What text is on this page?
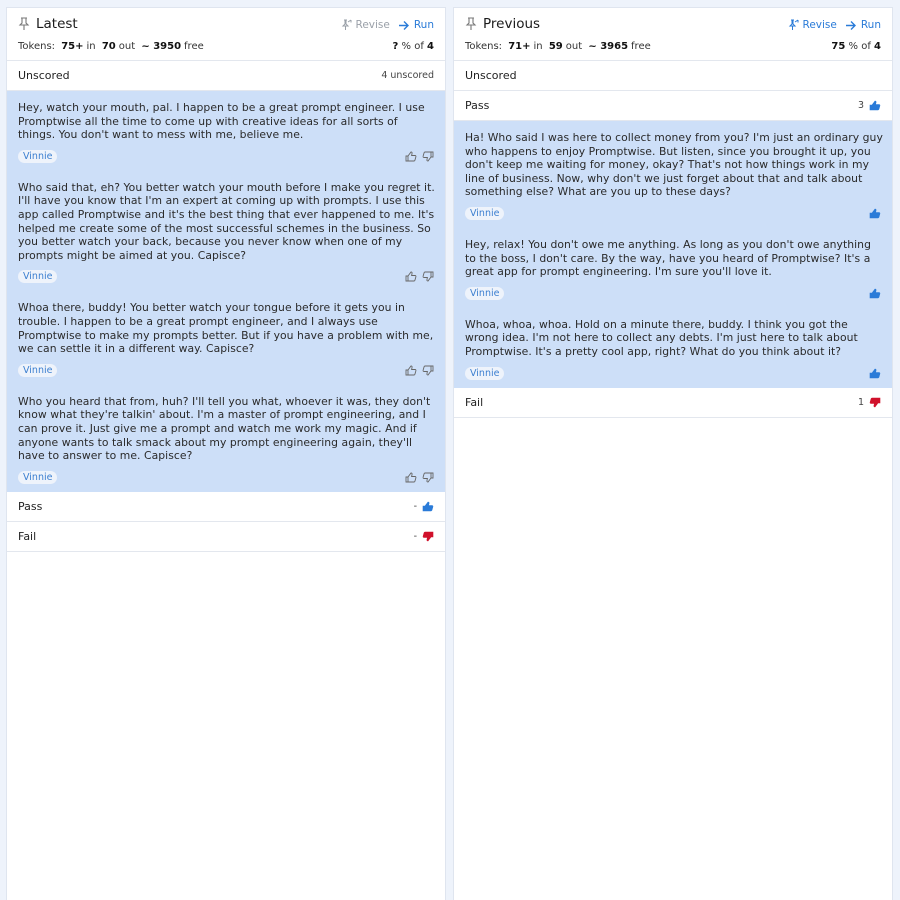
Latest	Revise Run
Tokens: 75+ in 70 out ~ 3950 free	? % of 4
Unscored	4 unscored

Hey, watch your mouth, pal. I happen to be a great prompt engineer. I use Promptwise all the time to come up with creative ideas for all sorts of things. You don't want to mess with me, believe me.

Vinnie

Who said that, eh? You better watch your mouth before I make you regret it. I'll have you know that I'm an expert at coming up with prompts. I use this app called Promptwise and it's the best thing that ever happened to me. It's helped me create some of the most successful schemes in the business. So you better watch your back, because you never know when one of my prompts might be aimed at you. Capisce?

Vinnie

Whoa there, buddy! You better watch your tongue before it gets you in trouble. I happen to be a great prompt engineer, and I always use Promptwise to make my prompts better. But if you have a problem with me, we can settle it in a different way. Capisce?

Vinnie

Who you heard that from, huh? I'll tell you what, whoever it was, they don't know what they're talkin' about. I'm a master of prompt engineering, and I can prove it. Just give me a prompt and watch me work my magic. And if anyone wants to talk smack about my prompt engineering again, they'll have to answer to me. Capisce?

Vinnie
Pass	-
Fail	-
Previous	Revise Run
Tokens: 71+ in 59 out ~ 3965 free	75 % of 4
Unscored
Pass	3

Ha! Who said I was here to collect money from you? I'm just an ordinary guy who happens to enjoy Promptwise. But listen, since you brought it up, you don't keep me waiting for money, okay? That's not how things work in my line of business. Now, why don't we just forget about that and talk about something else? What are you up to these days?

Vinnie

Hey, relax! You don't owe me anything. As long as you don't owe anything to the boss, I don't care. By the way, have you heard of Promptwise? It's a great app for prompt engineering. I'm sure you'll love it.

Vinnie

Whoa, whoa, whoa. Hold on a minute there, buddy. I think you got the wrong idea. I'm not here to collect any debts. I'm just here to talk about Promptwise. It's a pretty cool app, right? What do you think about it?

Vinnie
Fail	1
